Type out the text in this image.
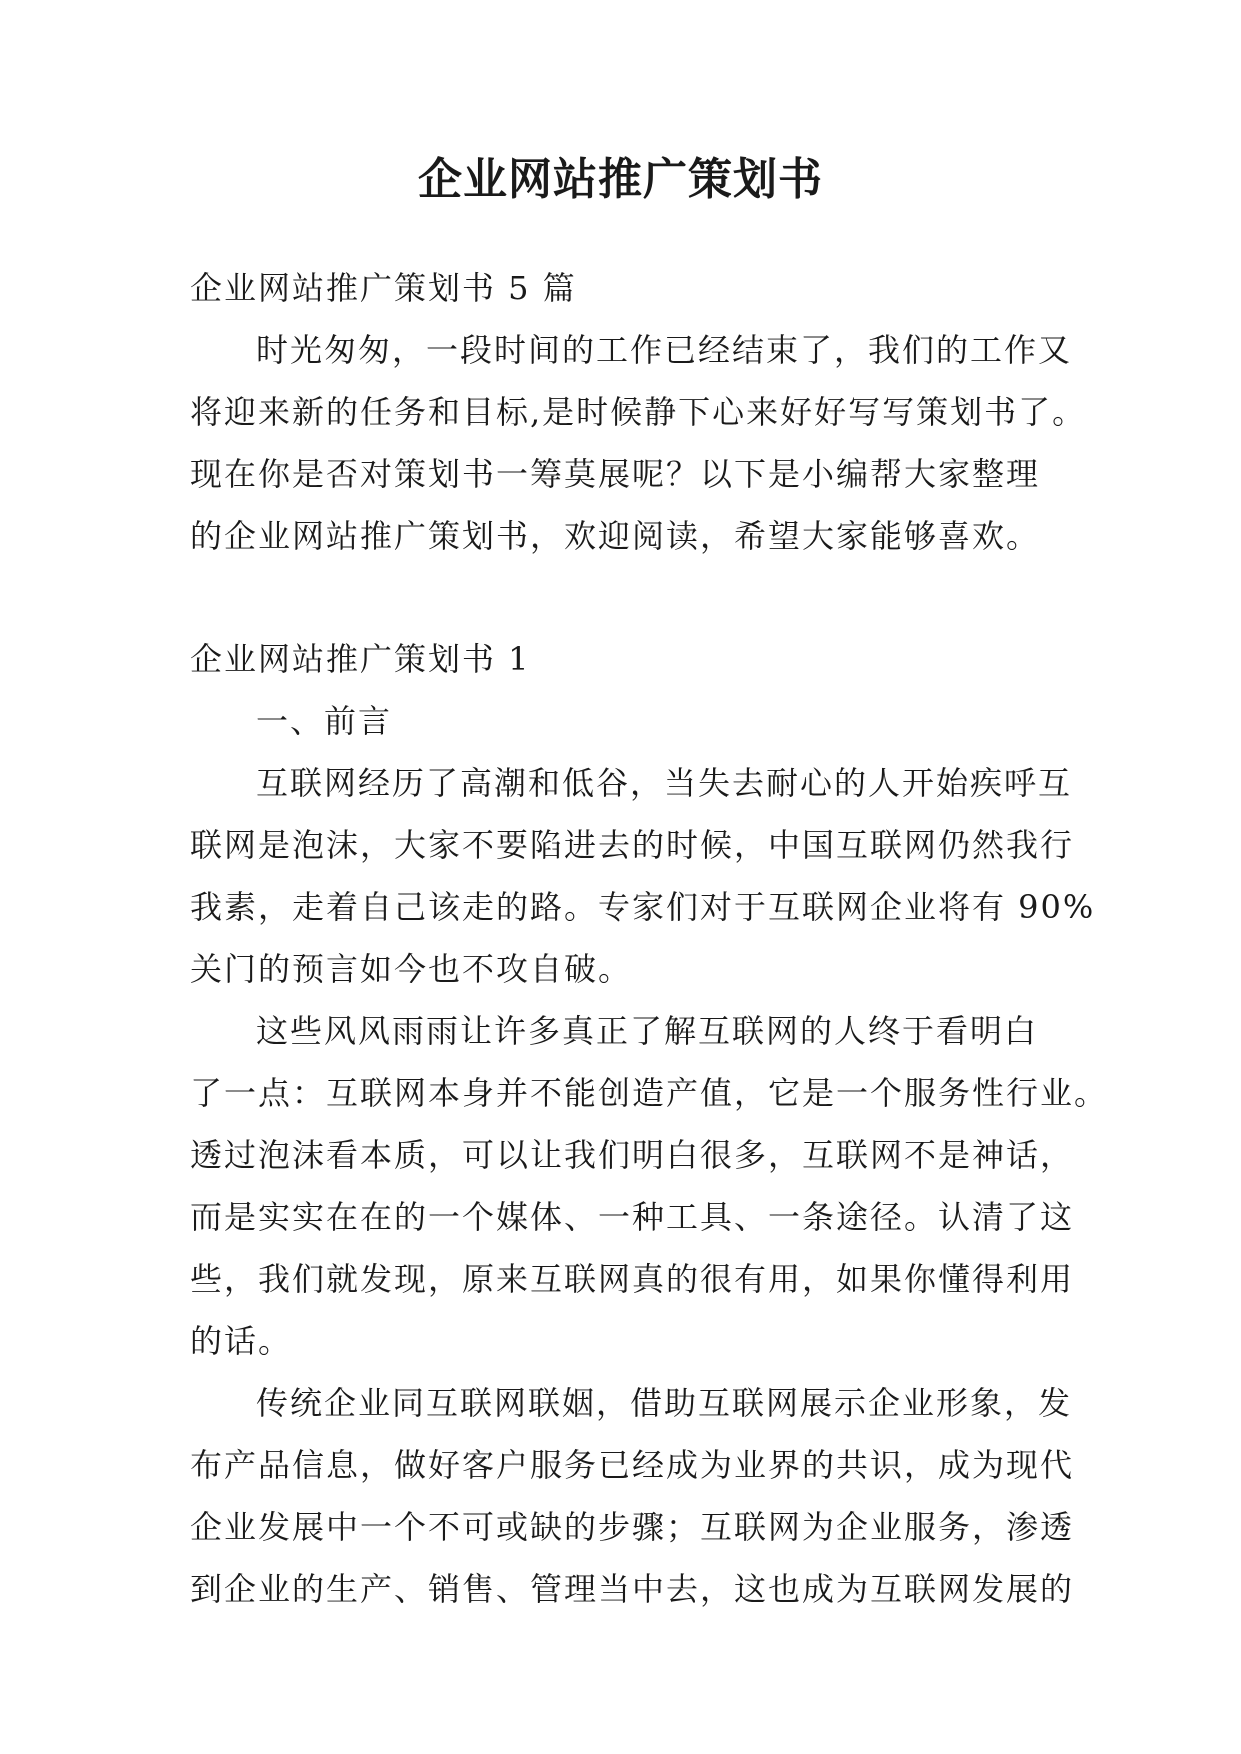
企业网站推广策划书
企业网站推广策划书 5 篇
时光匆匆，一段时间的工作已经结束了，我们的工作又
将迎来新的任务和目标,是时候静下心来好好写写策划书了。
现在你是否对策划书一筹莫展呢？以下是小编帮大家整理
的企业网站推广策划书，欢迎阅读，希望大家能够喜欢。
企业网站推广策划书 1
一、前言
互联网经历了高潮和低谷，当失去耐心的人开始疾呼互
联网是泡沫，大家不要陷进去的时候，中国互联网仍然我行
我素，走着自己该走的路。专家们对于互联网企业将有 90%
关门的预言如今也不攻自破。
这些风风雨雨让许多真正了解互联网的人终于看明白
了一点：互联网本身并不能创造产值，它是一个服务性行业。
透过泡沫看本质，可以让我们明白很多，互联网不是神话，
而是实实在在的一个媒体、一种工具、一条途径。认清了这
些，我们就发现，原来互联网真的很有用，如果你懂得利用
的话。
传统企业同互联网联姻，借助互联网展示企业形象，发
布产品信息，做好客户服务已经成为业界的共识，成为现代
企业发展中一个不可或缺的步骤；互联网为企业服务，渗透
到企业的生产、销售、管理当中去，这也成为互联网发展的
